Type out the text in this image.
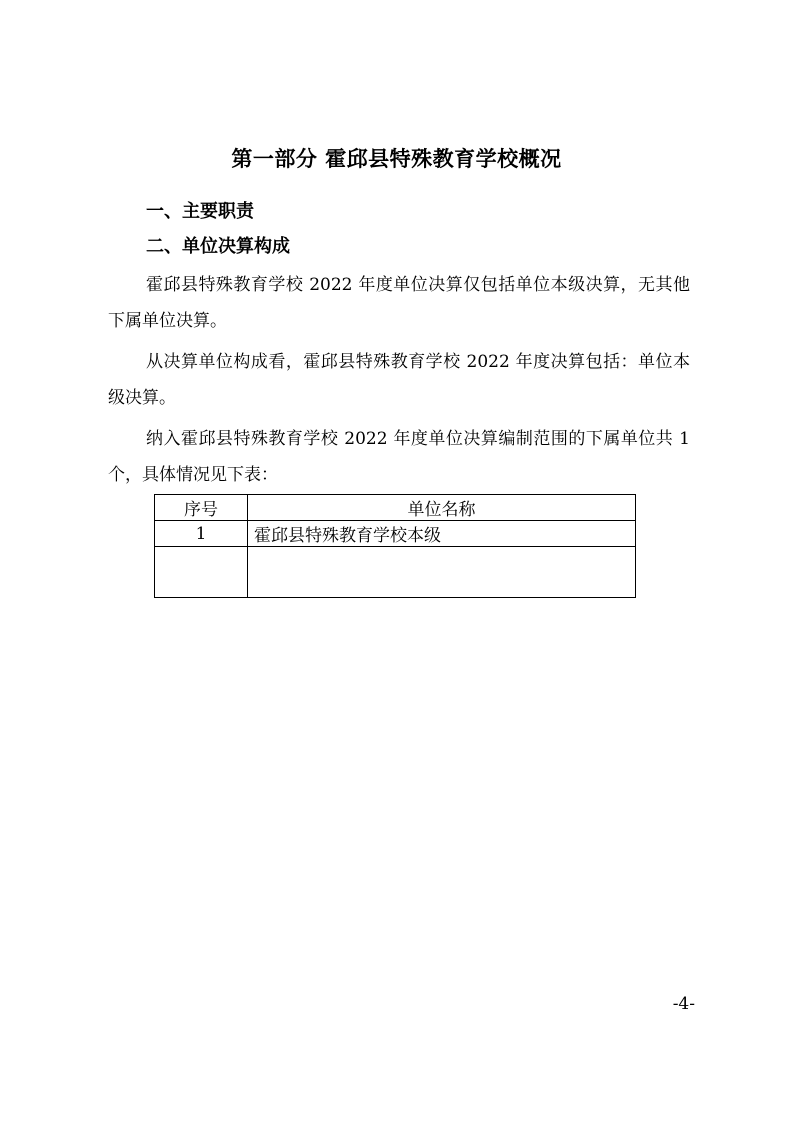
第一部分 霍邱县特殊教育学校概况
一、主要职责
二、单位决算构成
霍邱县特殊教育学校 2022 年度单位决算仅包括单位本级决算，无其他下属单位决算。
从决算单位构成看，霍邱县特殊教育学校 2022 年度决算包括：单位本级决算。
纳入霍邱县特殊教育学校 2022 年度单位决算编制范围的下属单位共 1 个，具体情况见下表：
序号	单位名称
1	霍邱县特殊教育学校本级

-4-
